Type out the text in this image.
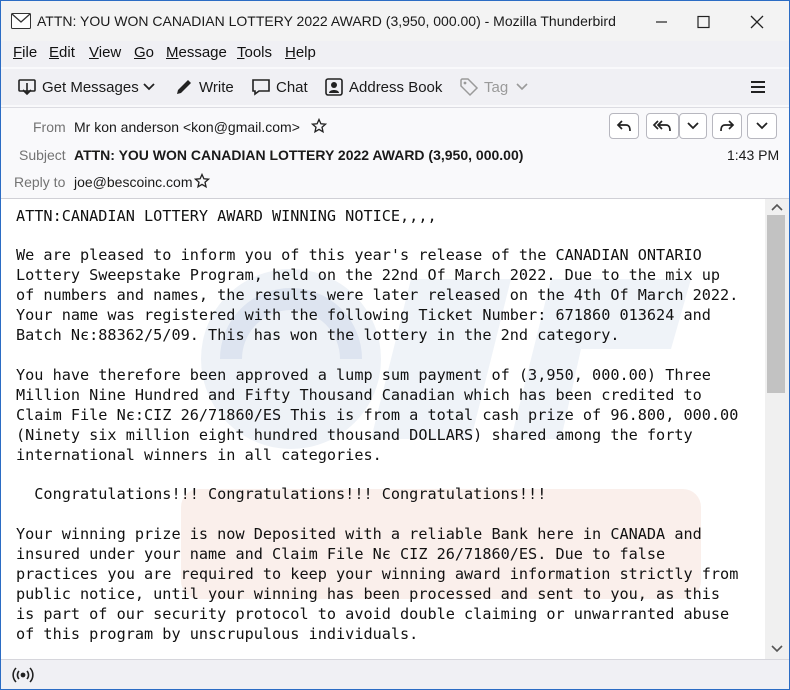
ATTN: YOU WON CANADIAN LOTTERY 2022 AWARD (3,950, 000.00) - Mozilla Thunderbird
File Edit View Go Message Tools Help
Get Messages	Write	Chat	Address Book	Tag
From Mr kon anderson <kon@gmail.com>
Subject ATTN: YOU WON CANADIAN LOTTERY 2022 AWARD (3,950, 000.00)	1:43 PM
Reply to joe@bescoinc.com
ATTN:CANADIAN LOTTERY AWARD WINNING NOTICE,,,,
We are pleased to inform you of this year's release of the CANADIAN ONTARIO
Lottery Sweepstake Program, held on the 22nd Of March 2022. Due to the mix up
of numbers and names, the results were later released on the 4th Of March 2022.
Your name was registered with the following Ticket Number: 671860 013624 and
Batch Nє:88362/5/09. This has won the lottery in the 2nd category.
You have therefore been approved a lump sum payment of (3,950, 000.00) Three
Million Nine Hundred and Fifty Thousand Canadian which has been credited to
Claim File Nє:CIZ 26/71860/ES This is from a total cash prize of 96.800, 000.00
(Ninety six million eight hundred thousand DOLLARS) shared among the forty
international winners in all categories.
Congratulations!!! Congratulations!!! Congratulations!!!
Your winning prize is now Deposited with a reliable Bank here in CANADA and
insured under your name and Claim File Nє CIZ 26/71860/ES. Due to false
practices you are required to keep your winning award information strictly from
public notice, until your winning has been processed and sent to you, as this
is part of our security protocol to avoid double claiming or unwarranted abuse
of this program by unscrupulous individuals.
